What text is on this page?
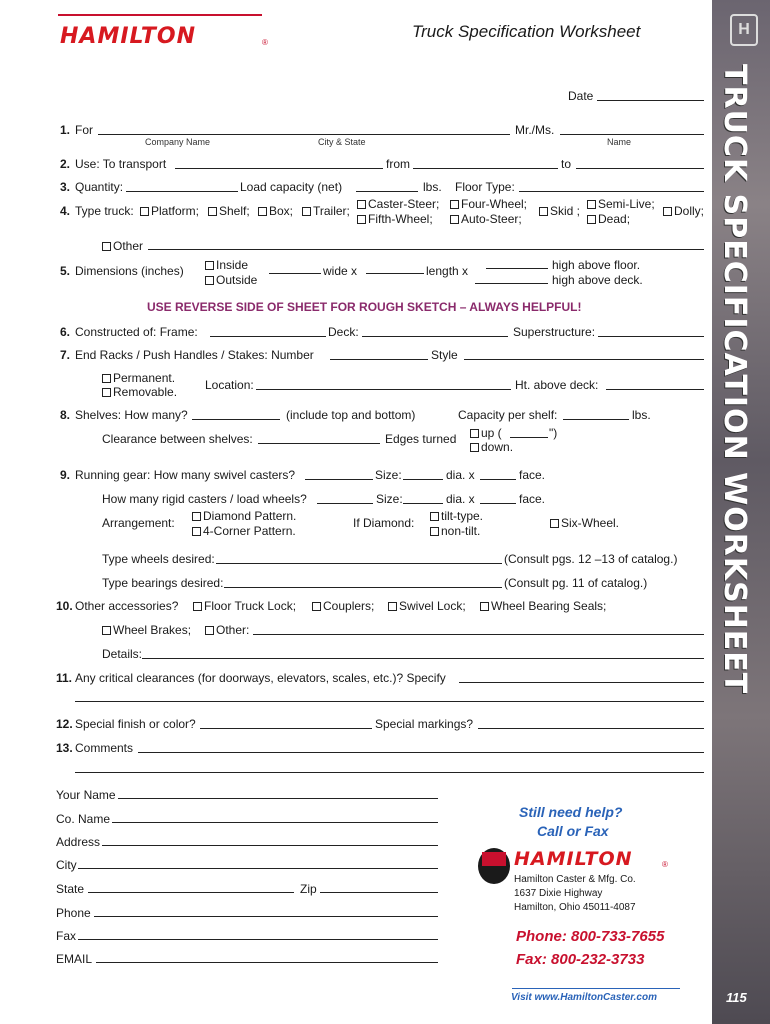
HAMILTON	®
Truck Specification Worksheet	H
TRUCK SPECIFICATION WORKSHEET
115
Date
1. For	Mr./Ms.
Company Name	City & State	Name
2. Use: To transport	from	to
3. Quantity:	Load capacity (net)	lbs. Floor Type:
4. Type truck:	Platform;	Shelf;	Box;	Trailer;	Caster-Steer;	Four-Wheel;
Fifth-Wheel;	Auto-Steer;
Skid ;	Semi-Live;
Dead;
Dolly;
Other
5. Dimensions (inches)	Inside
Outside
wide x	length x	high above floor.
high above deck.
USE REVERSE SIDE OF SHEET FOR ROUGH SKETCH – ALWAYS HELPFUL!
6. Constructed of: Frame:	Deck:	Superstructure:
7. End Racks / Push Handles / Stakes: Number	Style
Permanent.
Removable. Location:	Ht. above deck:
8. Shelves: How many?	(include top and bottom)	Capacity per shelf:	lbs.
Clearance between shelves:	Edges turned	up (	")
down.
9. Running gear: How many swivel casters?	Size:	dia. x	face.
How many rigid casters / load wheels?	Size:	dia. x	face.
Arrangement:	Diamond Pattern.
4-Corner Pattern.
If Diamond:	tilt-type.
non-tilt.
Six-Wheel.
Type wheels desired:	(Consult pgs. 12 –13 of catalog.)
Type bearings desired:	(Consult pg. 11 of catalog.)
10. Other accessories?	Floor Truck Lock;	Couplers;	Swivel Lock;	Wheel Bearing Seals;
Wheel Brakes;	Other:
Details:
11. Any critical clearances (for doorways, elevators, scales, etc.)? Specify
12. Special finish or color?	Special markings?
13. Comments
Your Name
Co. Name
Address
City
State	Zip
Phone
Fax
EMAIL
Still need help?
Call or Fax
HAMILTON	®
Hamilton Caster & Mfg. Co.
1637 Dixie Highway
Hamilton, Ohio 45011-4087
Phone: 800-733-7655
Fax: 800-232-3733
Visit www.HamiltonCaster.com
